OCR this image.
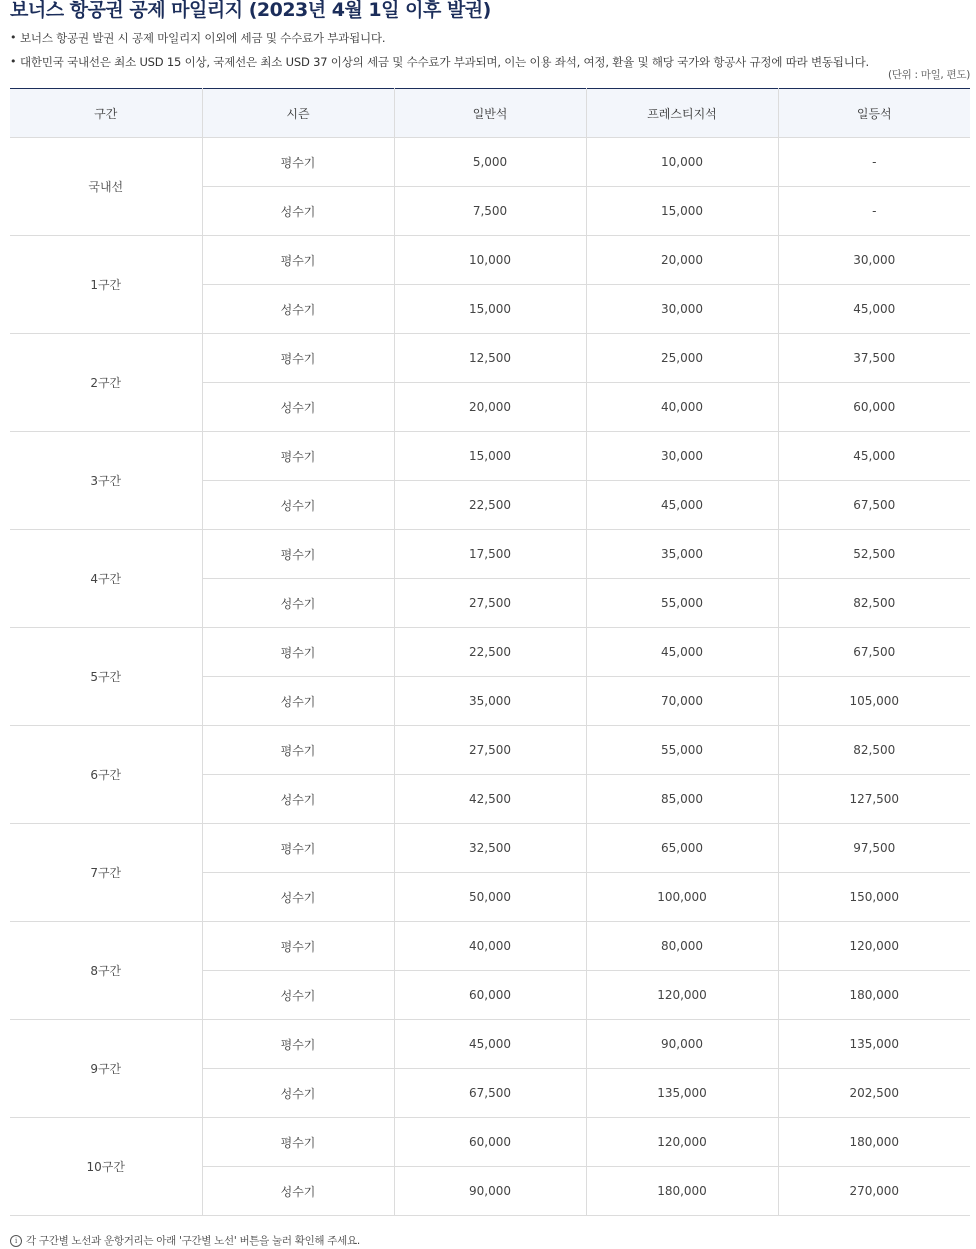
보너스 항공권 공제 마일리지 (2023년 4월 1일 이후 발권)
• 보너스 항공권 발권 시 공제 마일리지 이외에 세금 및 수수료가 부과됩니다.
• 대한민국 국내선은 최소 USD 15 이상, 국제선은 최소 USD 37 이상의 세금 및 수수료가 부과되며, 이는 이용 좌석, 여정, 환율 및 해당 국가와 항공사 규정에 따라 변동됩니다.
(단위 : 마일, 편도)
구간	시즌	일반석	프레스티지석	일등석
국내선	평수기	5,000	10,000	-
	성수기	7,500	15,000	-
1구간	평수기	10,000	20,000	30,000
	성수기	15,000	30,000	45,000
2구간	평수기	12,500	25,000	37,500
	성수기	20,000	40,000	60,000
3구간	평수기	15,000	30,000	45,000
	성수기	22,500	45,000	67,500
4구간	평수기	17,500	35,000	52,500
	성수기	27,500	55,000	82,500
5구간	평수기	22,500	45,000	67,500
	성수기	35,000	70,000	105,000
6구간	평수기	27,500	55,000	82,500
	성수기	42,500	85,000	127,500
7구간	평수기	32,500	65,000	97,500
	성수기	50,000	100,000	150,000
8구간	평수기	40,000	80,000	120,000
	성수기	60,000	120,000	180,000
9구간	평수기	45,000	90,000	135,000
	성수기	67,500	135,000	202,500
10구간	평수기	60,000	120,000	180,000
	성수기	90,000	180,000	270,000
i 각 구간별 노선과 운항거리는 아래 '구간별 노선' 버튼을 눌러 확인해 주세요.
